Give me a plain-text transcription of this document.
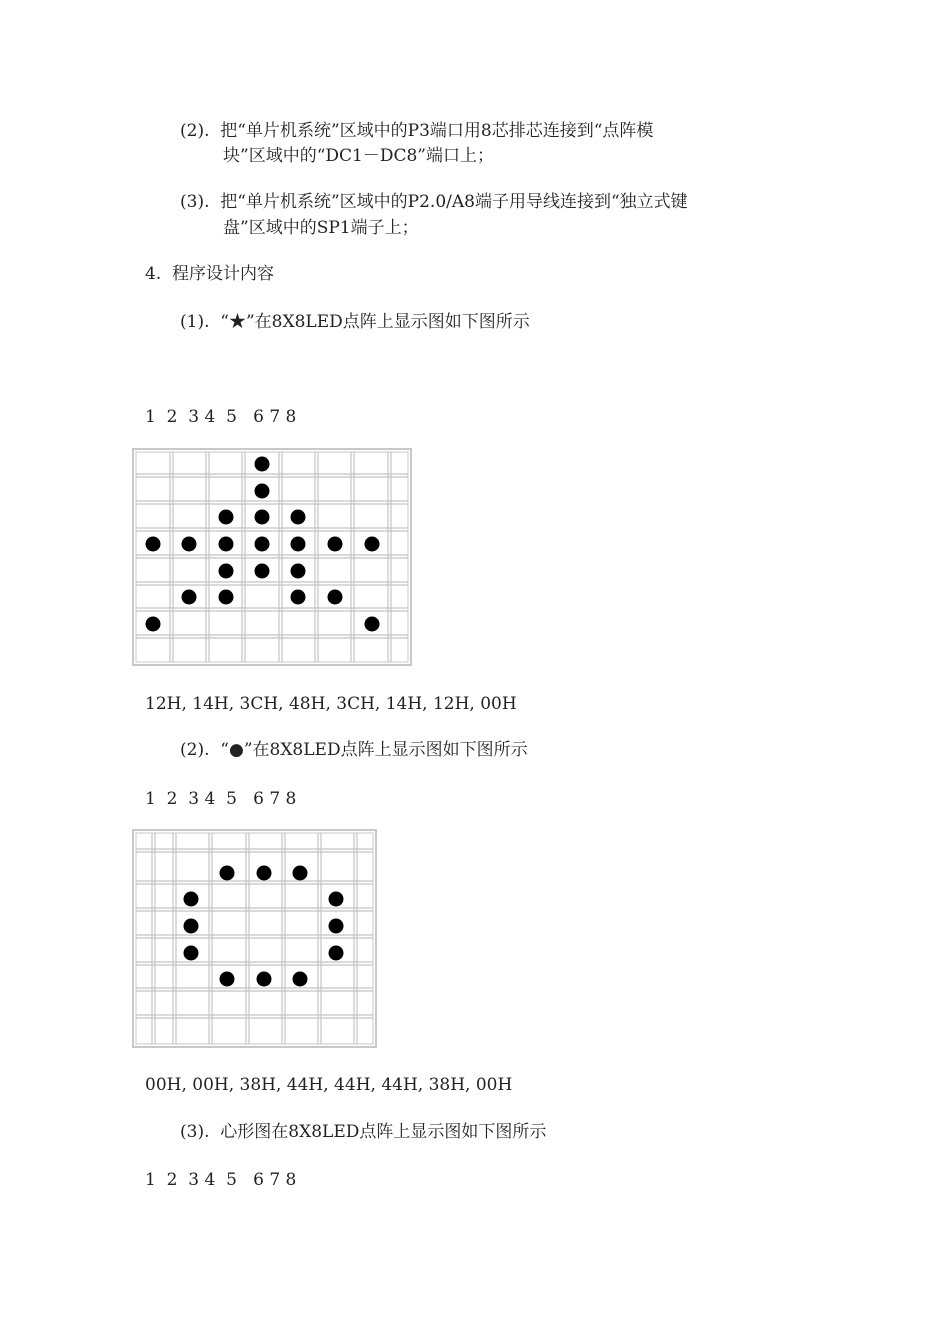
(2).  把“单片机系统”区域中的P3端口用8芯排芯连接到“点阵模
块”区域中的“DC1－DC8”端口上；
(3).  把“单片机系统”区域中的P2.0/A8端子用导线连接到“独立式键
盘”区域中的SP1端子上；
4.  程序设计内容
(1).  “★”在8X8LED点阵上显示图如下图所示
1  2  3 4  5   6 7 8
12H, 14H, 3CH, 48H, 3CH, 14H, 12H, 00H
(2).  “●”在8X8LED点阵上显示图如下图所示
1  2  3 4  5   6 7 8
00H, 00H, 38H, 44H, 44H, 44H, 38H, 00H
(3).  心形图在8X8LED点阵上显示图如下图所示
1  2  3 4  5   6 7 8
